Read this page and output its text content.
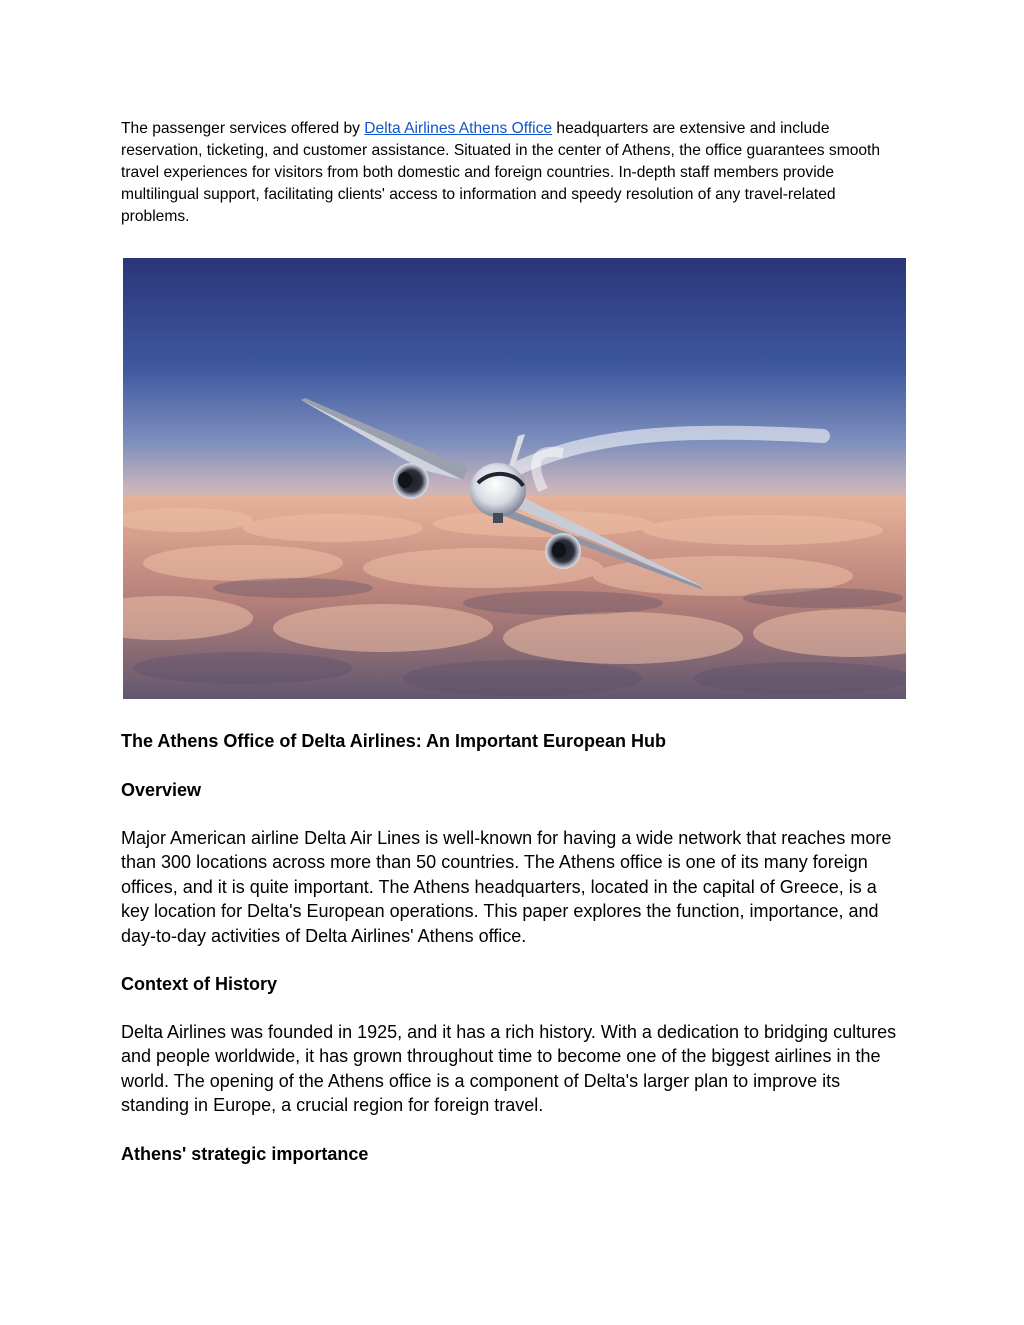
The passenger services offered by Delta Airlines Athens Office headquarters are extensive and include reservation, ticketing, and customer assistance. Situated in the center of Athens, the office guarantees smooth travel experiences for visitors from both domestic and foreign countries. In-depth staff members provide multilingual support, facilitating clients' access to information and speedy resolution of any travel-related problems.

The Athens Office of Delta Airlines: An Important European Hub
Overview

Major American airline Delta Air Lines is well-known for having a wide network that reaches more than 300 locations across more than 50 countries. The Athens office is one of its many foreign offices, and it is quite important. The Athens headquarters, located in the capital of Greece, is a key location for Delta's European operations. This paper explores the function, importance, and day-to-day activities of Delta Airlines' Athens office.

Context of History

Delta Airlines was founded in 1925, and it has a rich history. With a dedication to bridging cultures and people worldwide, it has grown throughout time to become one of the biggest airlines in the world. The opening of the Athens office is a component of Delta's larger plan to improve its standing in Europe, a crucial region for foreign travel.

Athens' strategic importance
